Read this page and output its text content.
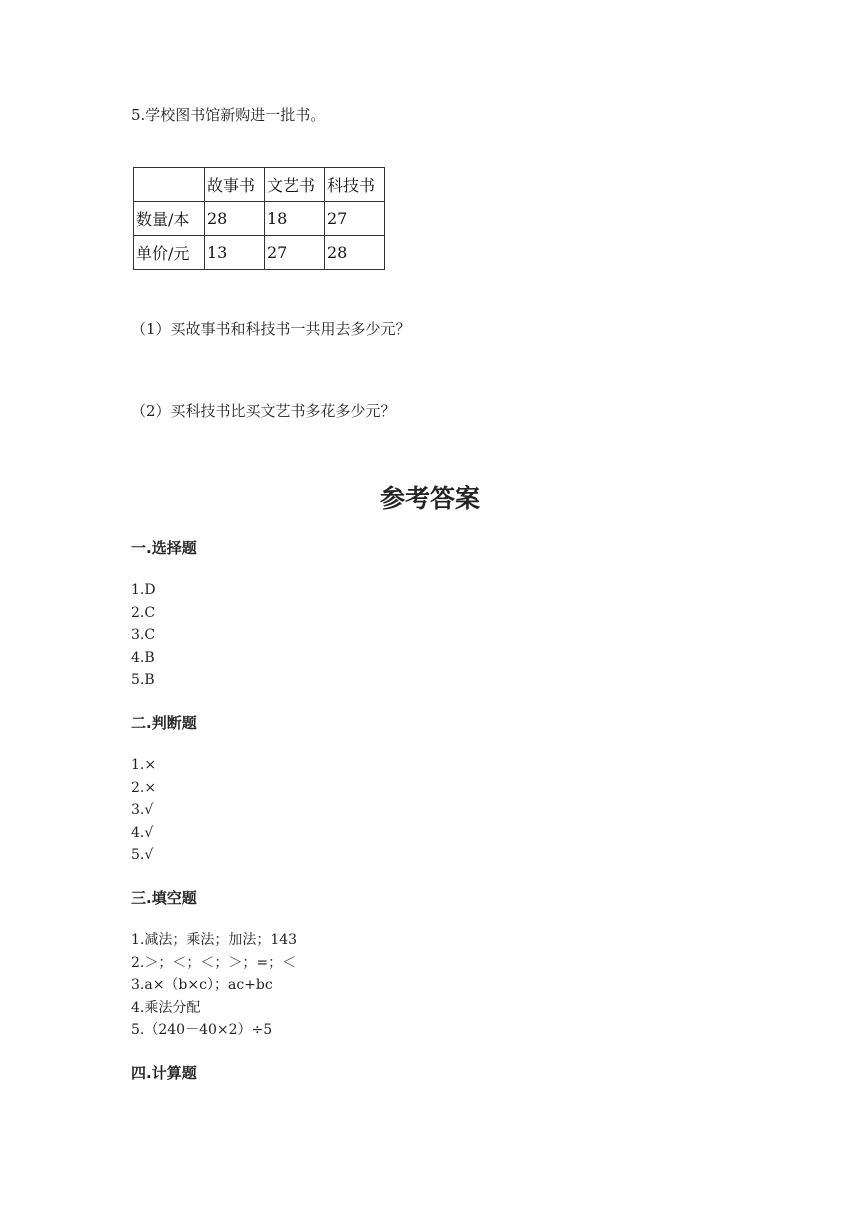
5.学校图书馆新购进一批书。
	故事书	文艺书	科技书
数量/本	28	18	27
单价/元	13	27	28
（1）买故事书和科技书一共用去多少元？
（2）买科技书比买文艺书多花多少元？
参考答案
一.选择题
1.D
2.C
3.C
4.B
5.B
二.判断题
1.×
2.×
3.√
4.√
5.√
三.填空题
1.减法；乘法；加法；143
2.＞；＜；＜；＞；=；＜
3.a×（b×c）；ac+bc
4.乘法分配
5.（240－40×2）÷5
四.计算题
